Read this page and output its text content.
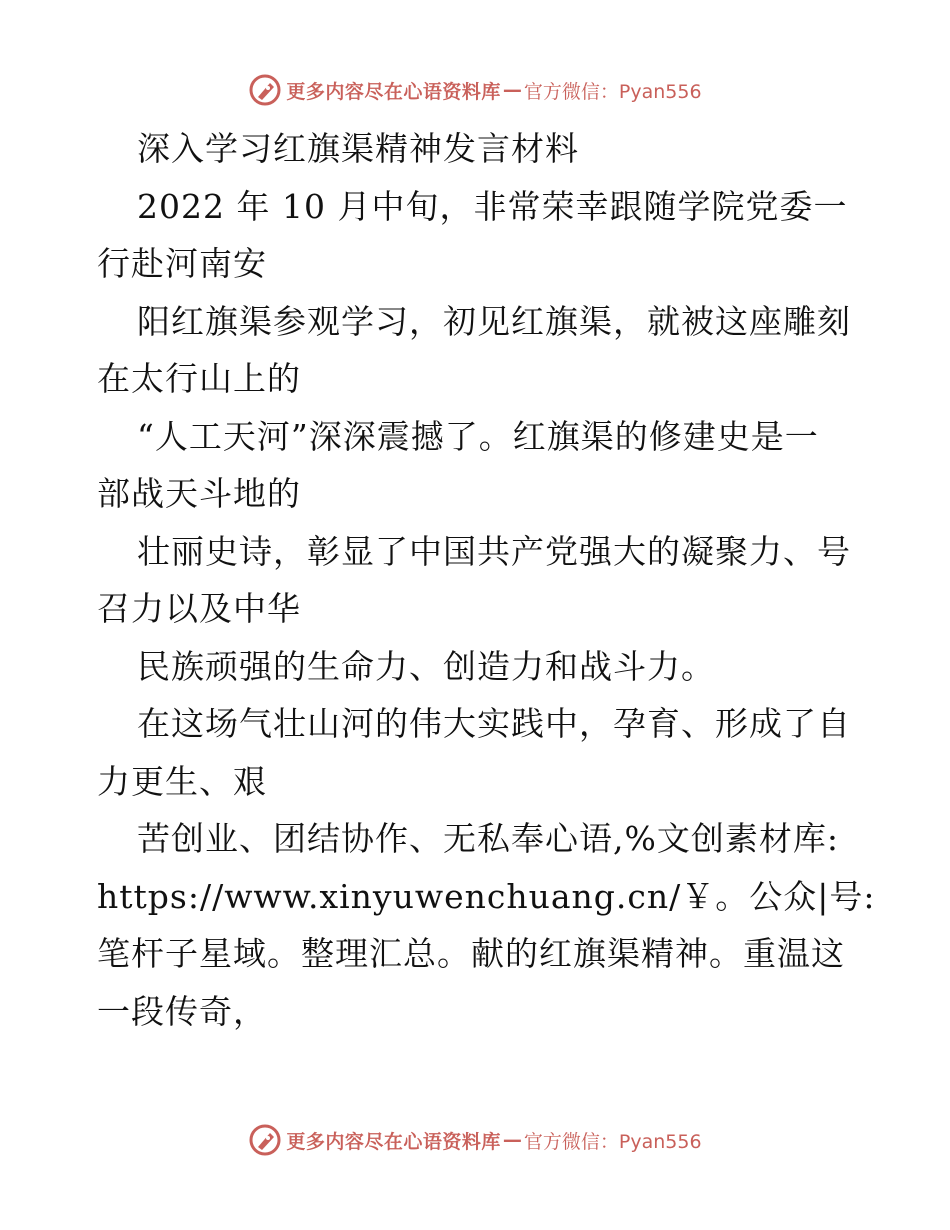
更多内容尽在心语资料库 — 官方微信：Pyan556
深入学习红旗渠精神发言材料
2022 年 10 月中旬，非常荣幸跟随学院党委一
行赴河南安
阳红旗渠参观学习，初见红旗渠，就被这座雕刻
在太行山上的
“人工天河”深深震撼了。红旗渠的修建史是一
部战天斗地的
壮丽史诗，彰显了中国共产党强大的凝聚力、号
召力以及中华
民族顽强的生命力、创造力和战斗力。
在这场气壮山河的伟大实践中，孕育、形成了自
力更生、艰
苦创业、团结协作、无私奉心语,%文创素材库:
https://www.xinyuwenchuang.cn/￥。公众|号:
笔杆子星域。整理汇总。献的红旗渠精神。重温这
一段传奇，
更多内容尽在心语资料库 — 官方微信：Pyan556
